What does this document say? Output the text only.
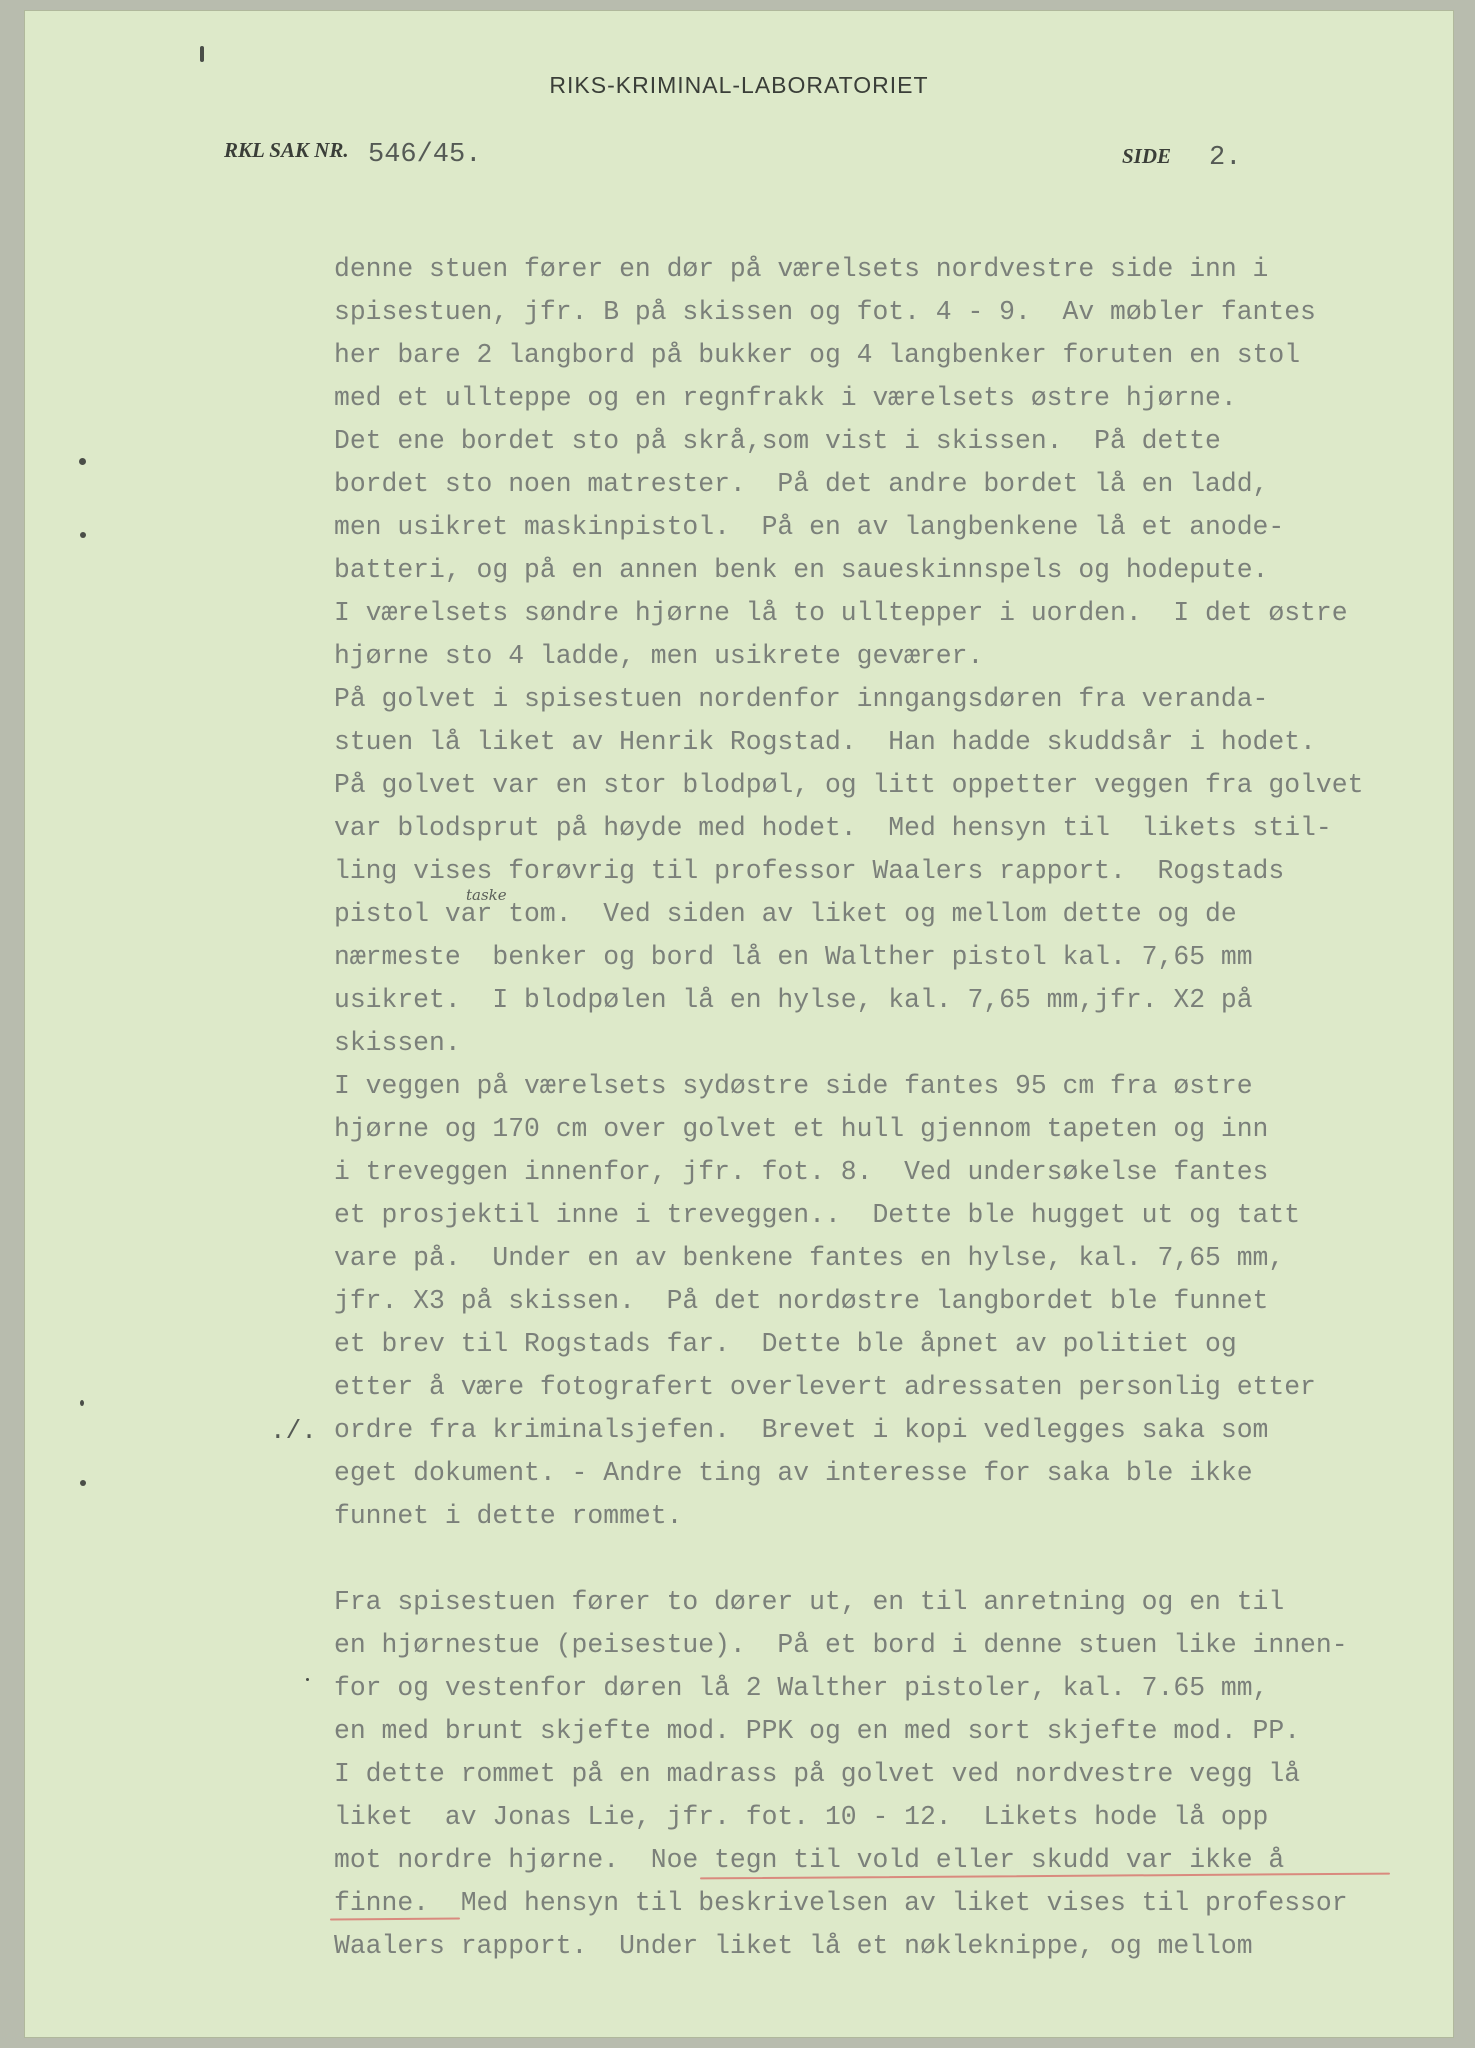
RIKS-KRIMINAL-LABORATORIET
RKL SAK NR. 546/45.	SIDE 2.
taske
./.
denne stuen fører en dør på værelsets nordvestre side inn i
spisestuen, jfr. B på skissen og fot. 4 - 9.  Av møbler fantes
her bare 2 langbord på bukker og 4 langbenker foruten en stol
med et ullteppe og en regnfrakk i værelsets østre hjørne.
Det ene bordet sto på skrå,som vist i skissen.  På dette
bordet sto noen matrester.  På det andre bordet lå en ladd,
men usikret maskinpistol.  På en av langbenkene lå et anode-
batteri, og på en annen benk en saueskinnspels og hodepute.
I værelsets søndre hjørne lå to ulltepper i uorden.  I det østre
hjørne sto 4 ladde, men usikrete geværer.
På golvet i spisestuen nordenfor inngangsdøren fra veranda-
stuen lå liket av Henrik Rogstad.  Han hadde skuddsår i hodet.
På golvet var en stor blodpøl, og litt oppetter veggen fra golvet
var blodsprut på høyde med hodet.  Med hensyn til  likets stil-
ling vises forøvrig til professor Waalers rapport.  Rogstads
pistol var tom.  Ved siden av liket og mellom dette og de
nærmeste  benker og bord lå en Walther pistol kal. 7,65 mm
usikret.  I blodpølen lå en hylse, kal. 7,65 mm,jfr. X2 på
skissen.
I veggen på værelsets sydøstre side fantes 95 cm fra østre
hjørne og 170 cm over golvet et hull gjennom tapeten og inn
i treveggen innenfor, jfr. fot. 8.  Ved undersøkelse fantes
et prosjektil inne i treveggen..  Dette ble hugget ut og tatt
vare på.  Under en av benkene fantes en hylse, kal. 7,65 mm,
jfr. X3 på skissen.  På det nordøstre langbordet ble funnet
et brev til Rogstads far.  Dette ble åpnet av politiet og
etter å være fotografert overlevert adressaten personlig etter
ordre fra kriminalsjefen.  Brevet i kopi vedlegges saka som
eget dokument. - Andre ting av interesse for saka ble ikke
funnet i dette rommet.
Fra spisestuen fører to dører ut, en til anretning og en til
en hjørnestue (peisestue).  På et bord i denne stuen like innen-
for og vestenfor døren lå 2 Walther pistoler, kal. 7.65 mm,
en med brunt skjefte mod. PPK og en med sort skjefte mod. PP.
I dette rommet på en madrass på golvet ved nordvestre vegg lå
liket  av Jonas Lie, jfr. fot. 10 - 12.  Likets hode lå opp
mot nordre hjørne.  Noe tegn til vold eller skudd var ikke å
finne.  Med hensyn til beskrivelsen av liket vises til professor
Waalers rapport.  Under liket lå et nøkleknippe, og mellom
